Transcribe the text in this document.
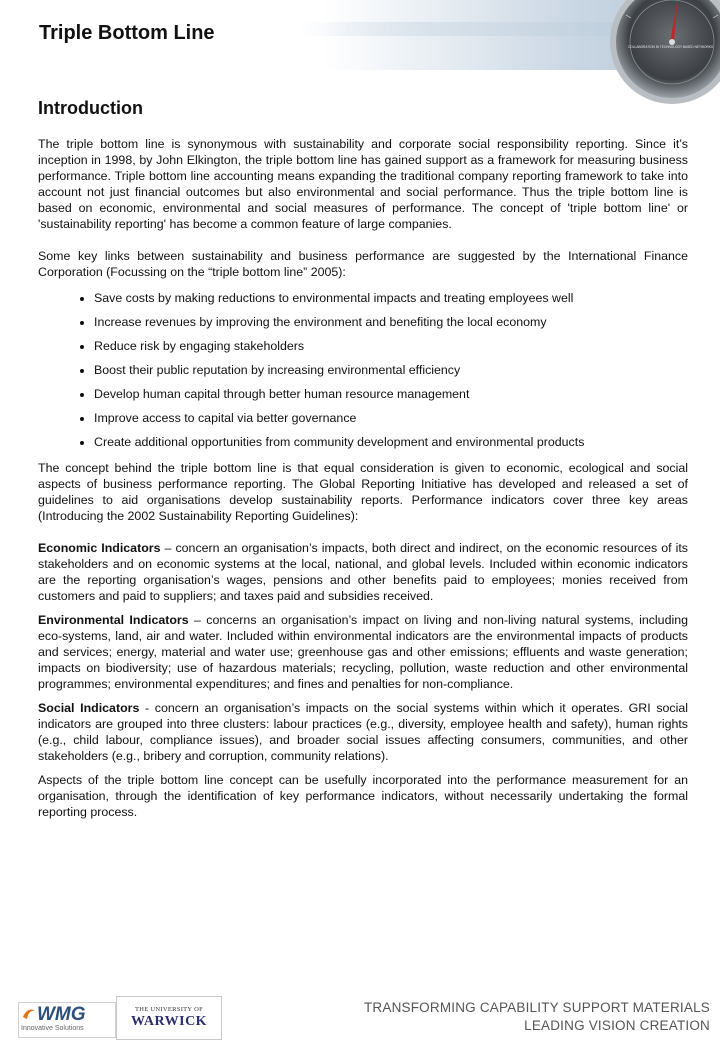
Triple Bottom Line
COLLABORATION IN TECHNOLOGY BASED NETWORKS
Introduction

The triple bottom line is synonymous with sustainability and corporate social responsibility reporting. Since it’s inception in 1998, by John Elkington, the triple bottom line has gained support as a framework for measuring business performance. Triple bottom line accounting means expanding the traditional company reporting framework to take into account not just financial outcomes but also environmental and social performance. Thus the triple bottom line is based on economic, environmental and social measures of performance. The concept of 'triple bottom line' or 'sustainability reporting' has become a common feature of large companies.

Some key links between sustainability and business performance are suggested by the International Finance Corporation (Focussing on the “triple bottom line” 2005):

• Save costs by making reductions to environmental impacts and treating employees well
• Increase revenues by improving the environment and benefiting the local economy
• Reduce risk by engaging stakeholders
• Boost their public reputation by increasing environmental efficiency
• Develop human capital through better human resource management
• Improve access to capital via better governance
• Create additional opportunities from community development and environmental products

The concept behind the triple bottom line is that equal consideration is given to economic, ecological and social aspects of business performance reporting. The Global Reporting Initiative has developed and released a set of guidelines to aid organisations develop sustainability reports. Performance indicators cover three key areas (Introducing the 2002 Sustainability Reporting Guidelines):

Economic Indicators – concern an organisation’s impacts, both direct and indirect, on the economic resources of its stakeholders and on economic systems at the local, national, and global levels. Included within economic indicators are the reporting organisation’s wages, pensions and other benefits paid to employees; monies received from customers and paid to suppliers; and taxes paid and subsidies received.

Environmental Indicators – concerns an organisation’s impact on living and non-living natural systems, including eco-systems, land, air and water. Included within environmental indicators are the environmental impacts of products and services; energy, material and water use; greenhouse gas and other emissions; effluents and waste generation; impacts on biodiversity; use of hazardous materials; recycling, pollution, waste reduction and other environmental programmes; environmental expenditures; and fines and penalties for non-compliance.

Social Indicators - concern an organisation’s impacts on the social systems within which it operates. GRI social indicators are grouped into three clusters: labour practices (e.g., diversity, employee health and safety), human rights (e.g., child labour, compliance issues), and broader social issues affecting consumers, communities, and other stakeholders (e.g., bribery and corruption, community relations).

Aspects of the triple bottom line concept can be usefully incorporated into the performance measurement for an organisation, through the identification of key performance indicators, without necessarily undertaking the formal reporting process.

WMG
Innovative Solutions
THE UNIVERSITY OF
WARWICK
TRANSFORMING CAPABILITY SUPPORT MATERIALS
LEADING VISION CREATION
